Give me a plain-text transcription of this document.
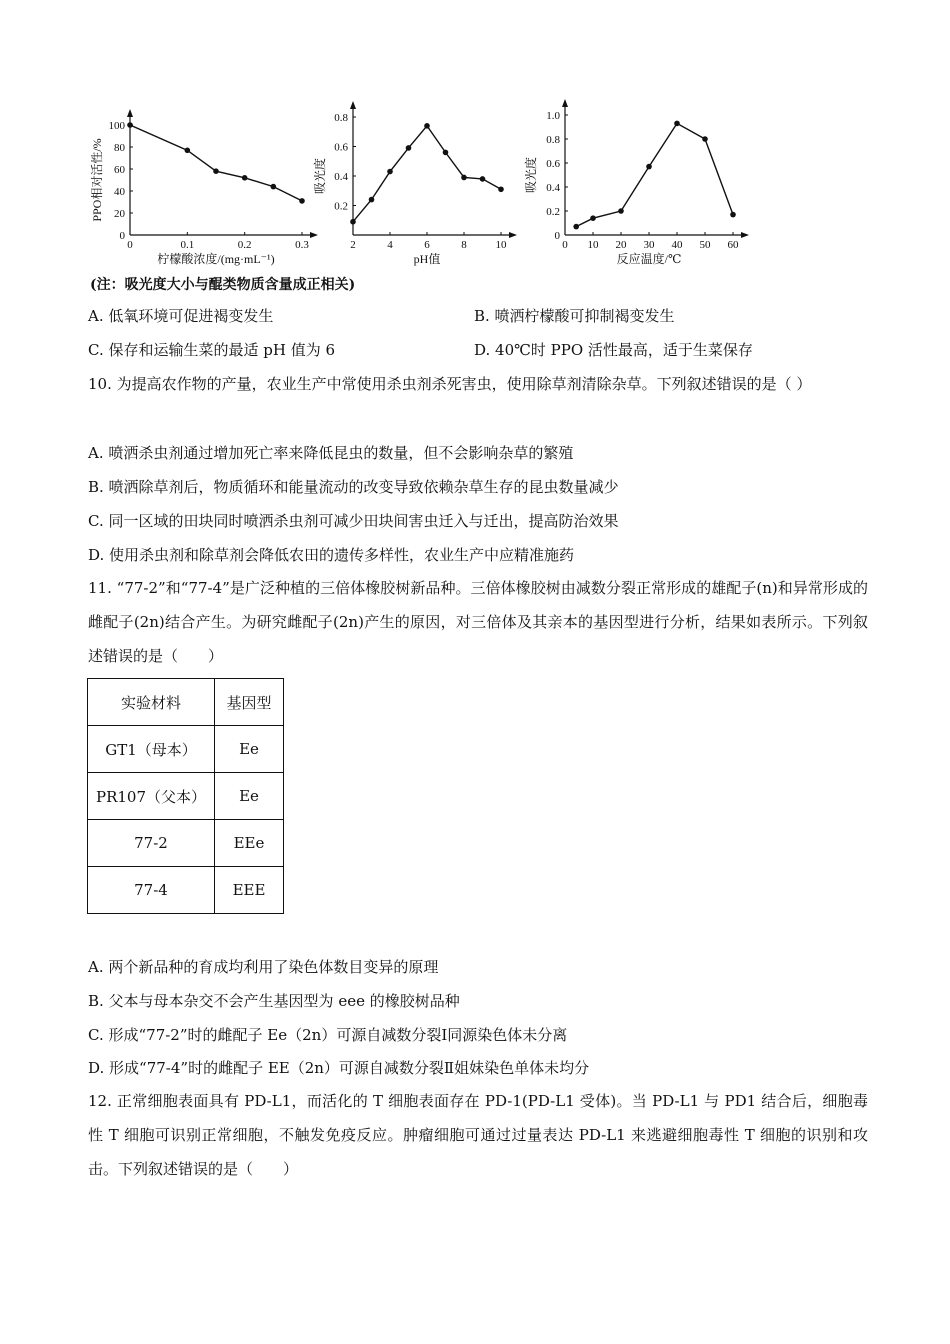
0	0.1	0.2	0.3
0
20
40
60
80
100
柠檬酸浓度/(mg·mL⁻¹)
PPO相对活性/%
2	4	6	8	10
0.2
0.4
0.6
0.8
pH值
吸光度
0 10 20 30 40 50 60
0
0.2
0.4
0.6
0.8
1.0
反应温度/℃
吸光度
(注：吸光度大小与醌类物质含量成正相关)
A. 低氧环境可促进褐变发生	B. 喷洒柠檬酸可抑制褐变发生
C. 保存和运输生菜的最适 pH 值为 6	D. 40℃时 PPO 活性最高，适于生菜保存
10. 为提高农作物的产量，农业生产中常使用杀虫剂杀死害虫，使用除草剂清除杂草。下列叙述错误的是（ ）
A. 喷洒杀虫剂通过增加死亡率来降低昆虫的数量，但不会影响杂草的繁殖
B. 喷洒除草剂后，物质循环和能量流动的改变导致依赖杂草生存的昆虫数量减少
C. 同一区域的田块同时喷洒杀虫剂可减少田块间害虫迁入与迁出，提高防治效果
D. 使用杀虫剂和除草剂会降低农田的遗传多样性，农业生产中应精准施药
11. “77-2”和“77-4”是广泛种植的三倍体橡胶树新品种。三倍体橡胶树由减数分裂正常形成的雄配子(n)和异常形成的雌配子(2n)结合产生。为研究雌配子(2n)产生的原因，对三倍体及其亲本的基因型进行分析，结果如表所示。下列叙述错误的是（　　）
实验材料	基因型
GT1（母本）	Ee
PR107（父本）	Ee
77-2	EEe
77-4	EEE
A. 两个新品种的育成均利用了染色体数目变异的原理
B. 父本与母本杂交不会产生基因型为 eee 的橡胶树品种
C. 形成“77-2”时的雌配子 Ee（2n）可源自减数分裂Ⅰ同源染色体未分离
D. 形成“77-4”时的雌配子 EE（2n）可源自减数分裂Ⅱ姐妹染色单体未均分
12. 正常细胞表面具有 PD-L1，而活化的 T 细胞表面存在 PD-1(PD-L1 受体)。当 PD-L1 与 PD1 结合后，细胞毒性 T 细胞可识别正常细胞，不触发免疫反应。肿瘤细胞可通过过量表达 PD-L1 来逃避细胞毒性 T 细胞的识别和攻击。下列叙述错误的是（　　）
